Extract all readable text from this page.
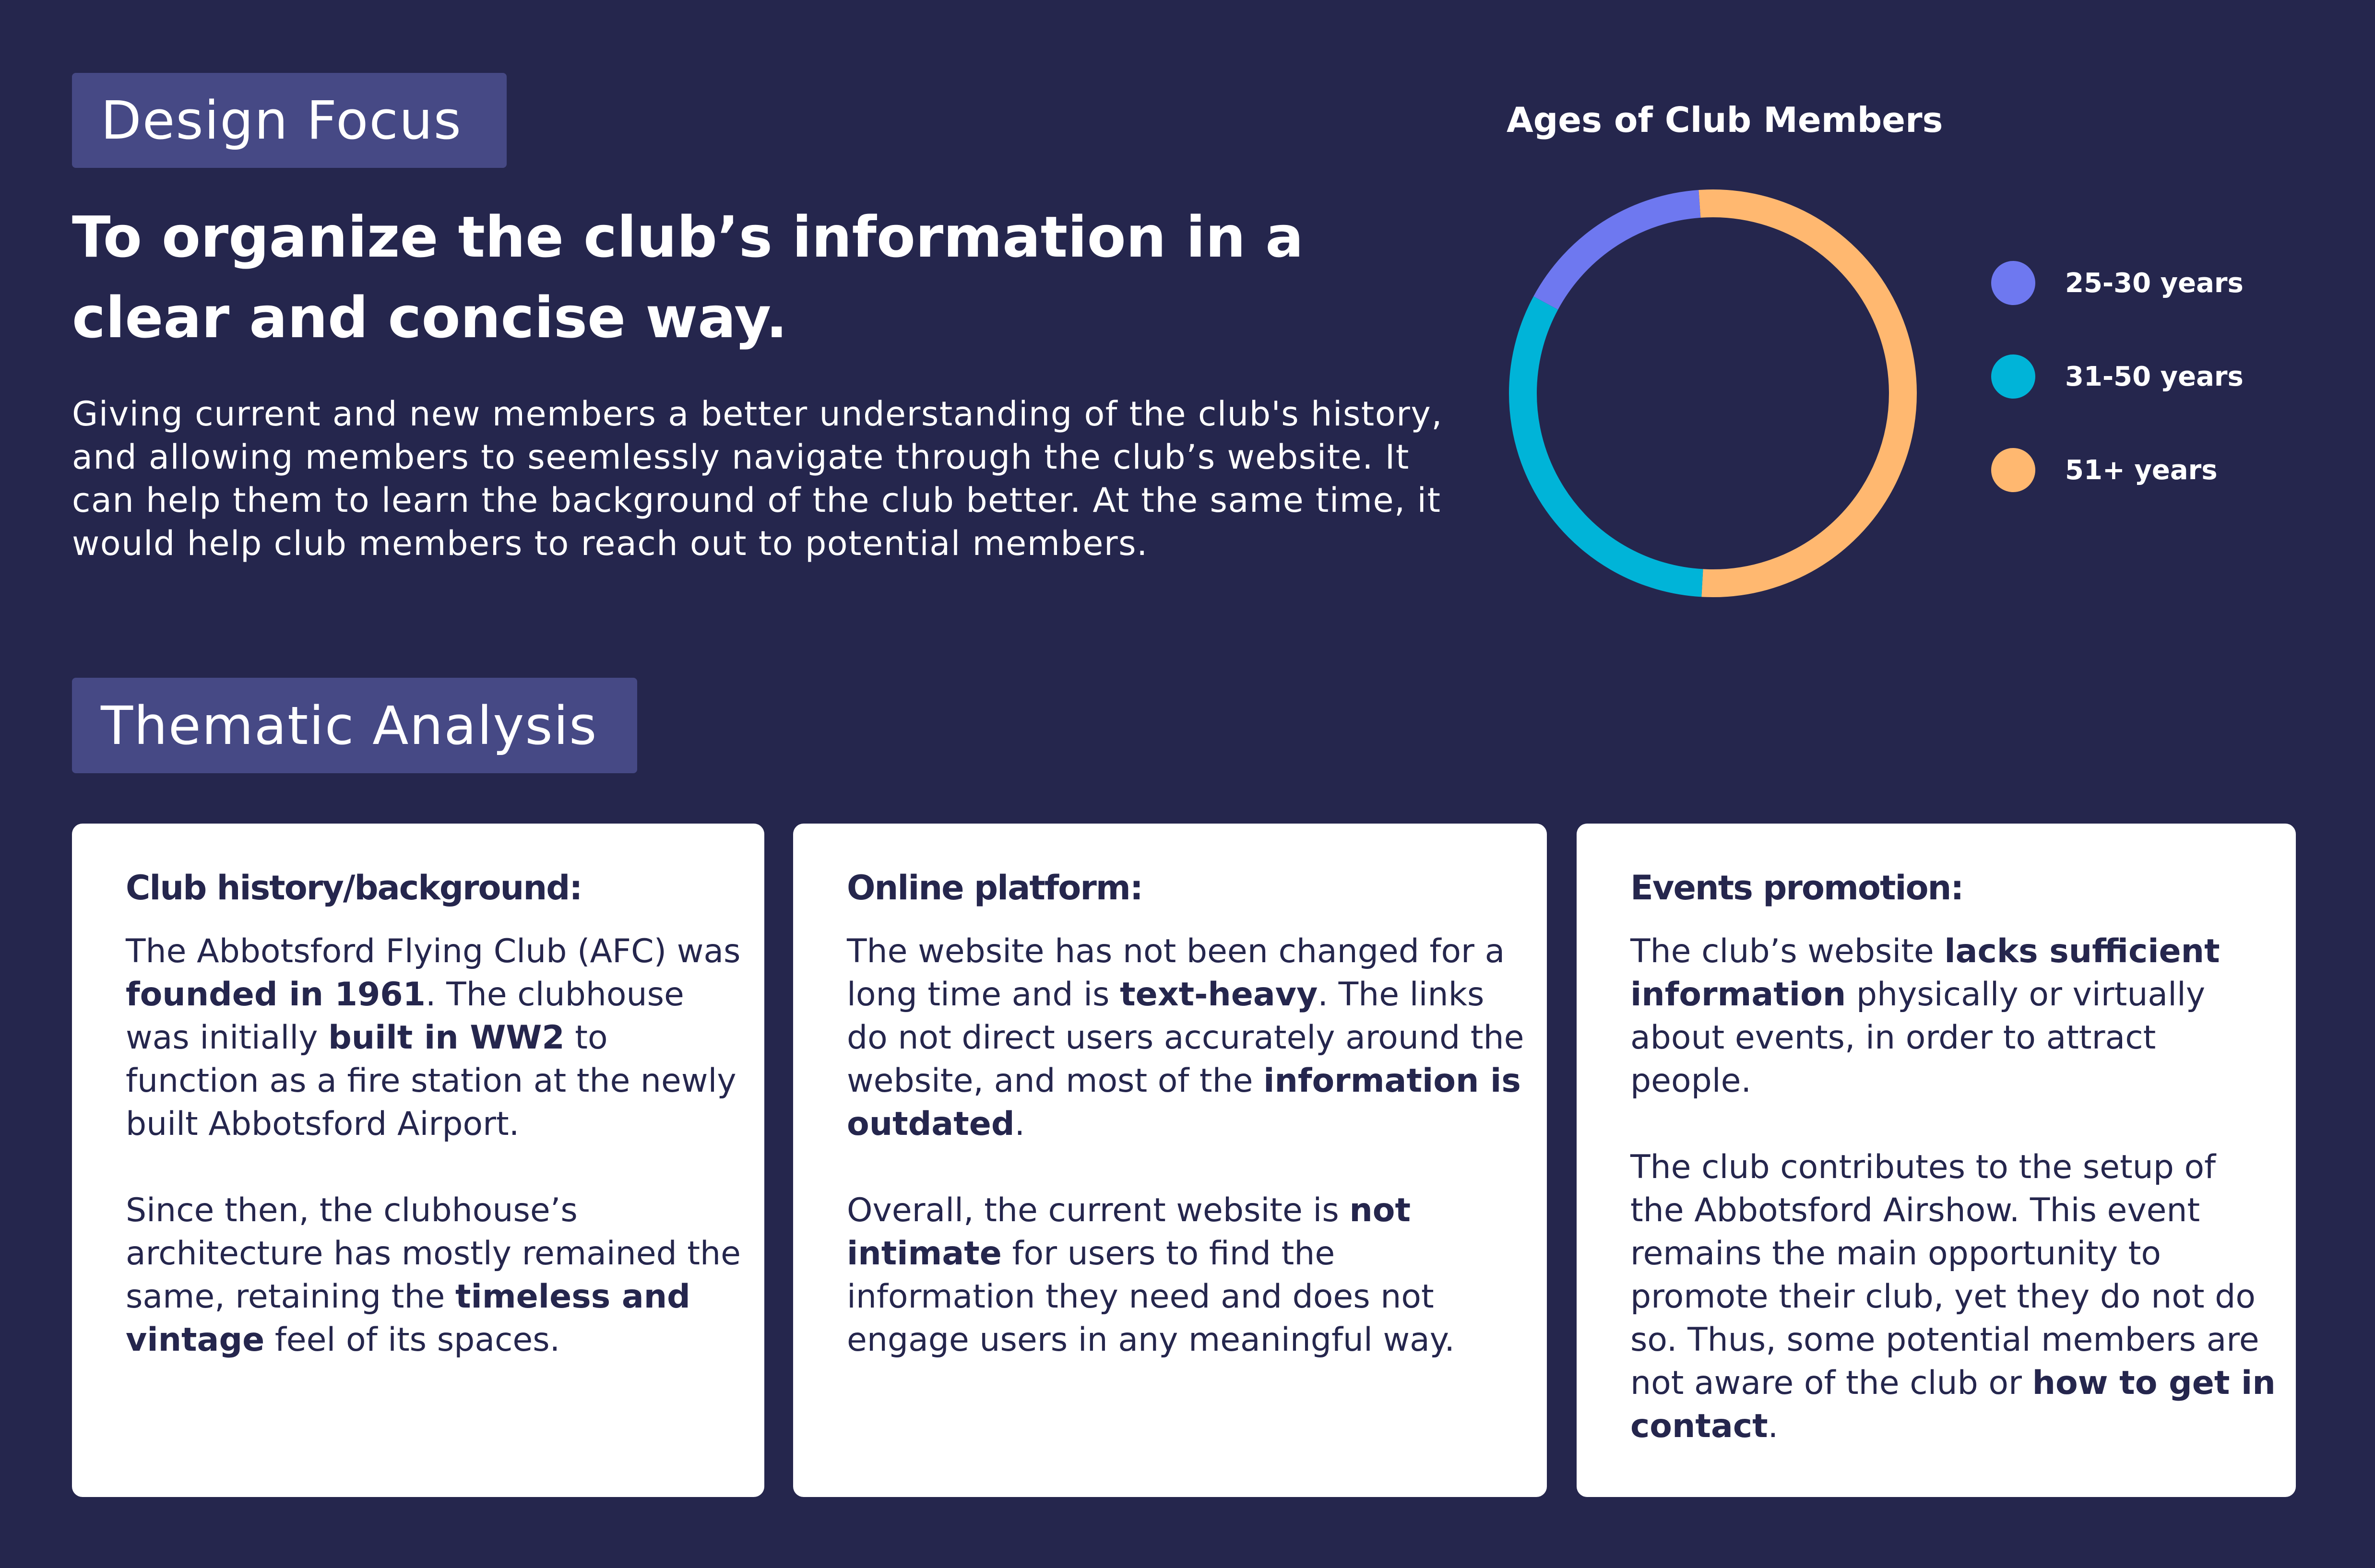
Design Focus
To organize the club’s information in a clear and concise way.

Giving current and new members a better understanding of the club's history, and allowing members to seemlessly navigate through the club’s website. It can help them to learn the background of the club better. At the same time, it would help club members to reach out to potential members.

Ages of Club Members
25-30 years
31-50 years
51+ years
Thematic Analysis
Club history/background:

The Abbotsford Flying Club (AFC) was founded in 1961. The clubhouse was initially built in WW2 to function as a fire station at the newly built Abbotsford Airport.

Since then, the clubhouse’s architecture has mostly remained the same, retaining the timeless and vintage feel of its spaces.

Online platform:

The website has not been changed for a long time and is text-heavy. The links do not direct users accurately around the website, and most of the information is outdated.

Overall, the current website is not intimate for users to find the information they need and does not engage users in any meaningful way.

Events promotion:

The club’s website lacks sufficient information physically or virtually about events, in order to attract people.

The club contributes to the setup of the Abbotsford Airshow. This event remains the main opportunity to promote their club, yet they do not do so. Thus, some potential members are not aware of the club or how to get in contact.
